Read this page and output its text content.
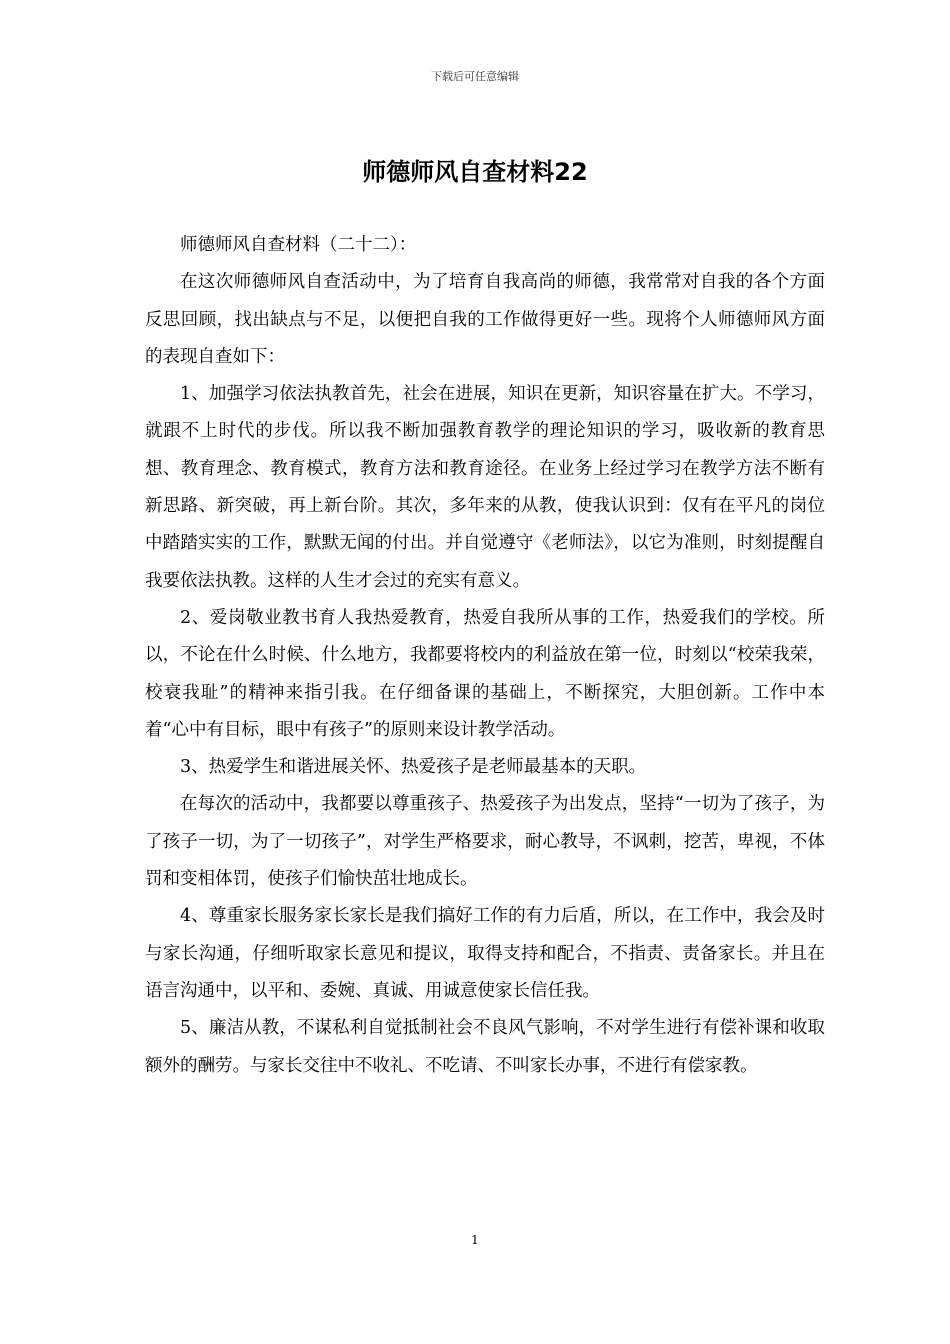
下载后可任意编辑
师德师风自查材料22

师德师风自查材料（二十二）：

在这次师德师风自查活动中，为了培育自我高尚的师德，我常常对自我的各个方面反思回顾，找出缺点与不足，以便把自我的工作做得更好一些。现将个人师德师风方面的表现自查如下：

1、加强学习依法执教首先，社会在进展，知识在更新，知识容量在扩大。不学习，就跟不上时代的步伐。所以我不断加强教育教学的理论知识的学习，吸收新的教育思想、教育理念、教育模式，教育方法和教育途径。在业务上经过学习在教学方法不断有新思路、新突破，再上新台阶。其次，多年来的从教，使我认识到：仅有在平凡的岗位中踏踏实实的工作，默默无闻的付出。并自觉遵守《老师法》，以它为准则，时刻提醒自我要依法执教。这样的人生才会过的充实有意义。

2、爱岗敬业教书育人我热爱教育，热爱自我所从事的工作，热爱我们的学校。所以，不论在什么时候、什么地方，我都要将校内的利益放在第一位，时刻以“校荣我荣，校衰我耻”的精神来指引我。在仔细备课的基础上，不断探究，大胆创新。工作中本着“心中有目标，眼中有孩子”的原则来设计教学活动。

3、热爱学生和谐进展关怀、热爱孩子是老师最基本的天职。

在每次的活动中，我都要以尊重孩子、热爱孩子为出发点，坚持“一切为了孩子，为了孩子一切，为了一切孩子”，对学生严格要求，耐心教导，不讽刺，挖苦，卑视，不体罚和变相体罚，使孩子们愉快茁壮地成长。

4、尊重家长服务家长家长是我们搞好工作的有力后盾，所以，在工作中，我会及时与家长沟通，仔细听取家长意见和提议，取得支持和配合，不指责、责备家长。并且在语言沟通中，以平和、委婉、真诚、用诚意使家长信任我。

5、廉洁从教，不谋私利自觉抵制社会不良风气影响，不对学生进行有偿补课和收取额外的酬劳。与家长交往中不收礼、不吃请、不叫家长办事，不进行有偿家教。

1
